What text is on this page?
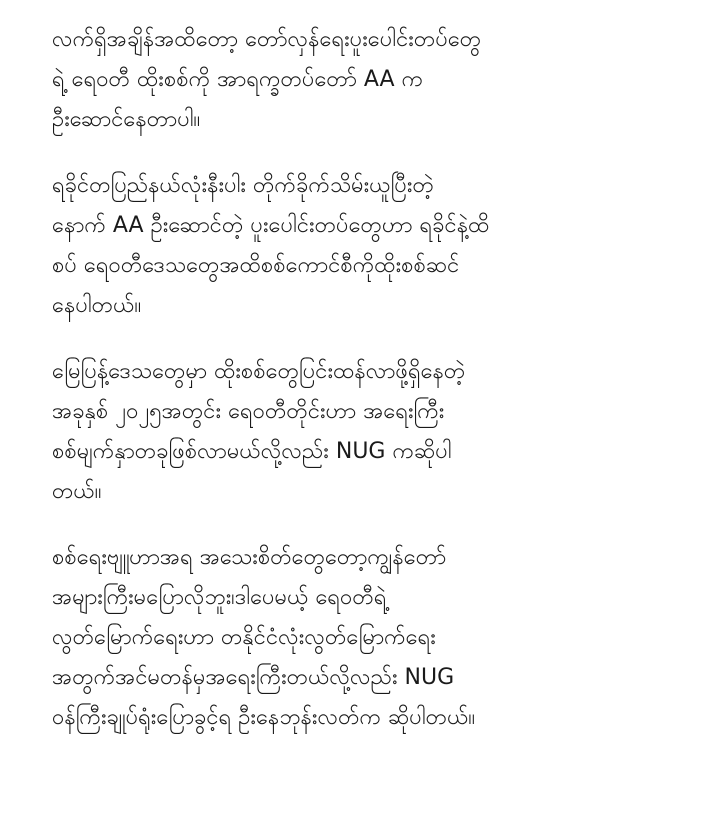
လက်ရှိအချိန်အထိတော့ တော်လှန်ရေးပူးပေါင်းတပ်တွေ
ရဲ့ ရေဝတီ ထိုးစစ်ကို အာရက္ခတပ်တော် AA က
ဦးဆောင်နေတာပါ။

ရခိုင်တပြည်နယ်လုံးနီးပါး တိုက်ခိုက်သိမ်းယူပြီးတဲ့
နောက် AA ဦးဆောင်တဲ့ ပူးပေါင်းတပ်တွေဟာ ရခိုင်နဲ့ထိ
စပ် ရေဝတီဒေသတွေအထိစစ်ကောင်စီကိုထိုးစစ်ဆင်
နေပါတယ်။

မြေပြန့်ဒေသတွေမှာ ထိုးစစ်တွေပြင်းထန်လာဖို့ရှိနေတဲ့
အခုနှစ် ၂၀၂၅အတွင်း ရေဝတီတိုင်းဟာ အရေးကြီး
စစ်မျက်နှာတခုဖြစ်လာမယ်လို့လည်း NUG ကဆိုပါ
တယ်။

စစ်ရေးဗျူဟာအရ အသေးစိတ်တွေတော့ကျွန်တော်
အများကြီးမပြောလိုဘူး၊ဒါပေမယ့် ရေဝတီရဲ့
လွတ်မြောက်ရေးဟာ တနိုင်ငံလုံးလွတ်မြောက်ရေး
အတွက်အင်မတန်မှအရေးကြီးတယ်လို့လည်း NUG
ဝန်ကြီးချုပ်ရုံးပြောခွင့်ရ ဦးနေဘုန်းလတ်က ဆိုပါတယ်။
